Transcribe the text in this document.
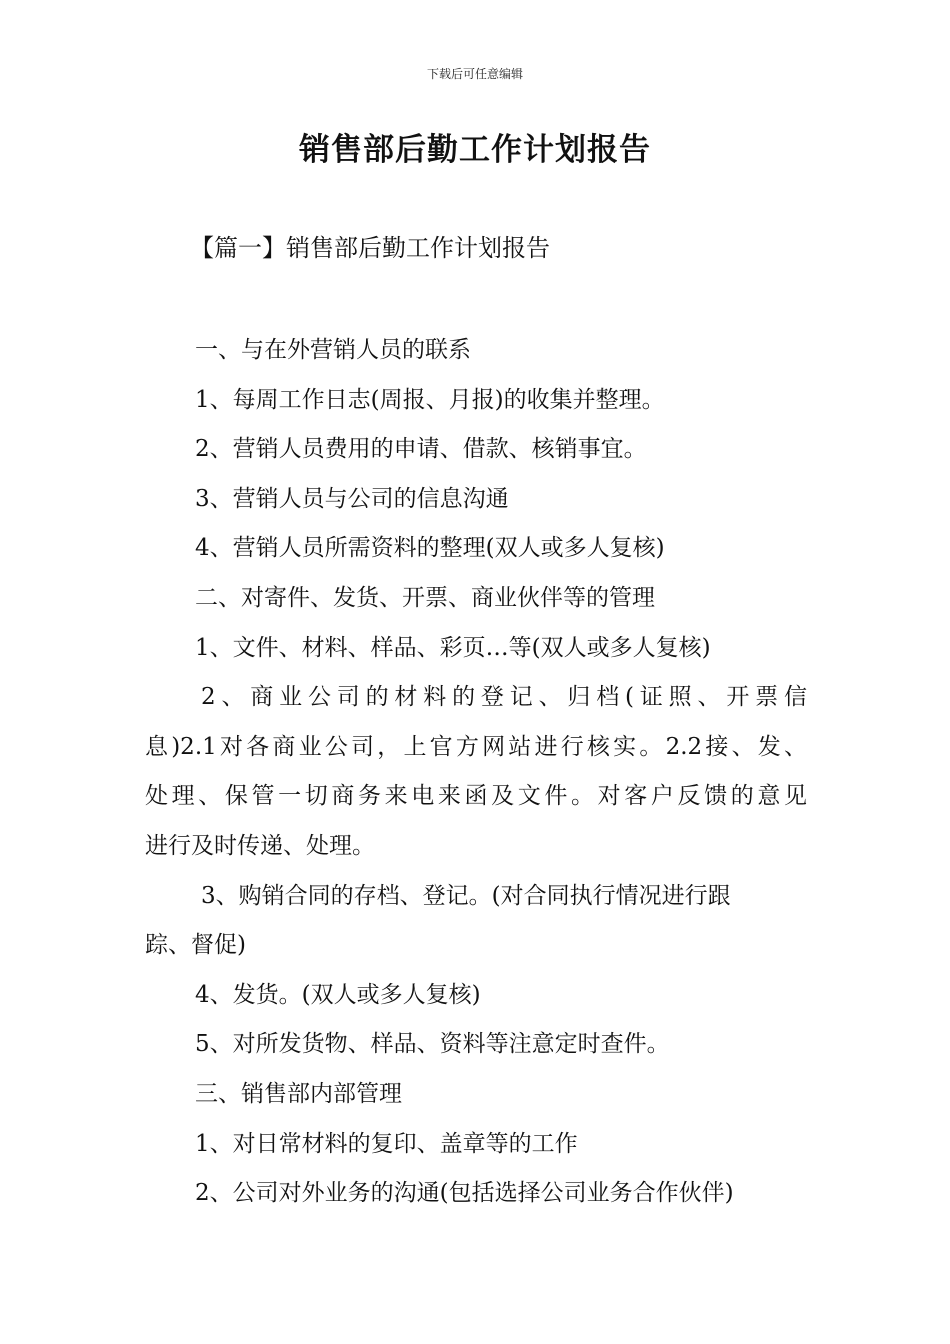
下载后可任意编辑
销售部后勤工作计划报告
【篇一】销售部后勤工作计划报告
一、与在外营销人员的联系
1、每周工作日志(周报、月报)的收集并整理。
2、营销人员费用的申请、借款、核销事宜。
3、营销人员与公司的信息沟通
4、营销人员所需资料的整理(双人或多人复核)
二、对寄件、发货、开票、商业伙伴等的管理
1、文件、材料、样品、彩页…等(双人或多人复核)
2、商业公司的材料的登记、归档(证照、开票信
息)2.1对各商业公司，上官方网站进行核实。2.2接、发、
处理、保管一切商务来电来函及文件。对客户反馈的意见
进行及时传递、处理。
3、购销合同的存档、登记。(对合同执行情况进行跟
踪、督促)
4、发货。(双人或多人复核)
5、对所发货物、样品、资料等注意定时查件。
三、销售部内部管理
1、对日常材料的复印、盖章等的工作
2、公司对外业务的沟通(包括选择公司业务合作伙伴)
